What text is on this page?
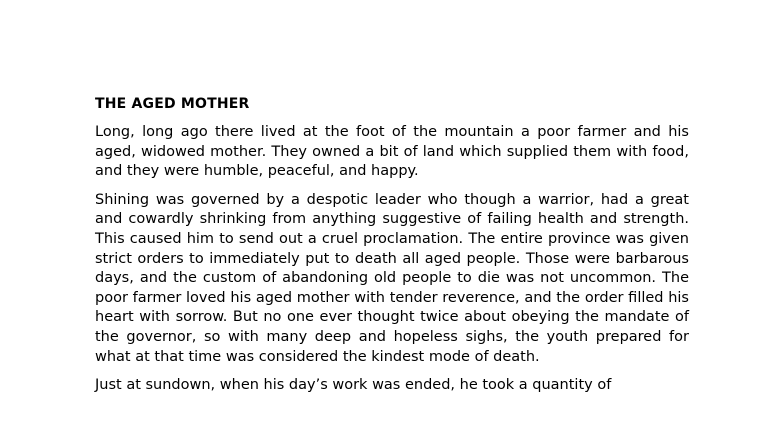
THE AGED MOTHER

Long, long ago there lived at the foot of the mountain a poor farmer and his aged, widowed mother. They owned a bit of land which supplied them with food, and they were humble, peaceful, and happy.

Shining was governed by a despotic leader who though a warrior, had a great and cowardly shrinking from anything suggestive of failing health and strength. This caused him to send out a cruel proclamation. The entire province was given strict orders to immediately put to death all aged people. Those were barbarous days, and the custom of abandoning old people to die was not uncommon. The poor farmer loved his aged mother with tender reverence, and the order filled his heart with sorrow. But no one ever thought twice about obeying the mandate of the governor, so with many deep and hopeless sighs, the youth prepared for what at that time was considered the kindest mode of death.

Just at sundown, when his day’s work was ended, he took a quantity of
